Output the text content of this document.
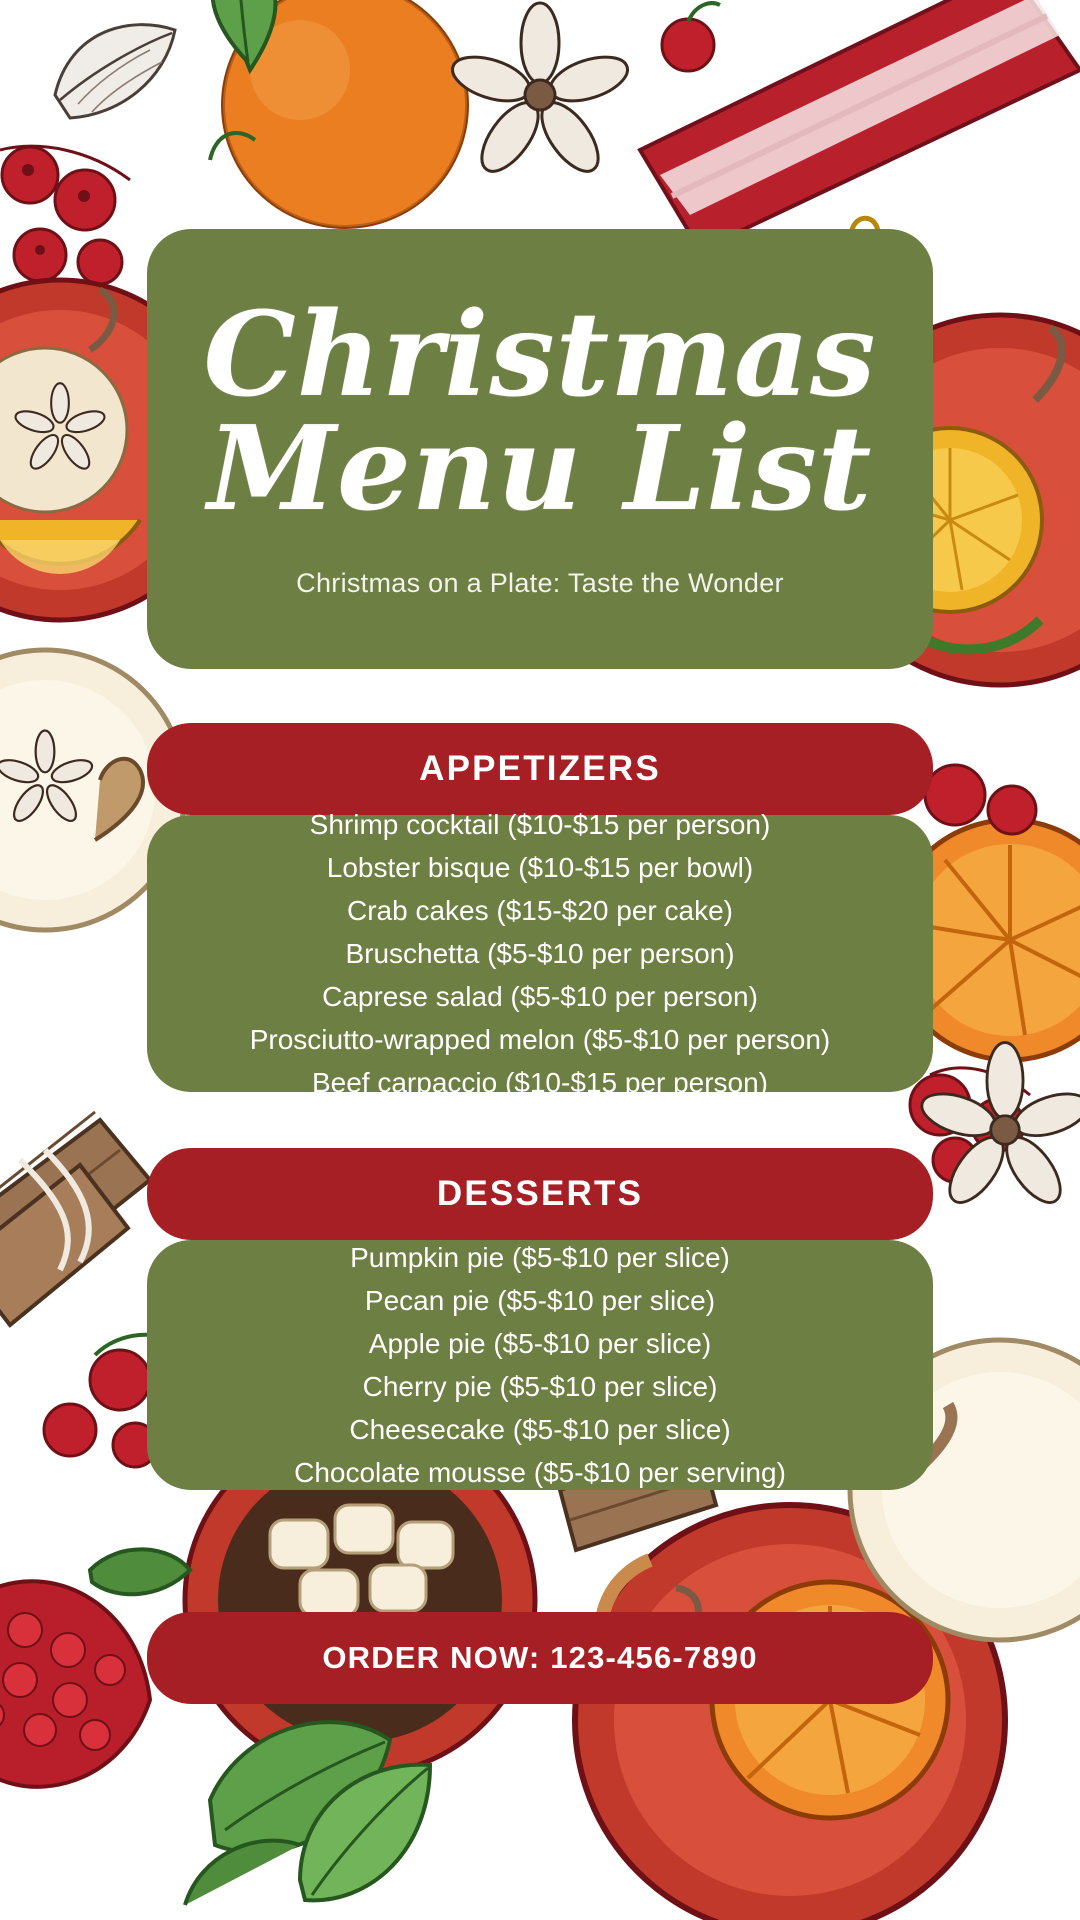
Christmas
Menu List
Christmas on a Plate: Taste the Wonder
APPETIZERS
Shrimp cocktail ($10-$15 per person)
Lobster bisque ($10-$15 per bowl)
Crab cakes ($15-$20 per cake)
Bruschetta ($5-$10 per person)
Caprese salad ($5-$10 per person)
Prosciutto-wrapped melon ($5-$10 per person)
Beef carpaccio ($10-$15 per person)
DESSERTS
Pumpkin pie ($5-$10 per slice)
Pecan pie ($5-$10 per slice)
Apple pie ($5-$10 per slice)
Cherry pie ($5-$10 per slice)
Cheesecake ($5-$10 per slice)
Chocolate mousse ($5-$10 per serving)
ORDER NOW: 123-456-7890
